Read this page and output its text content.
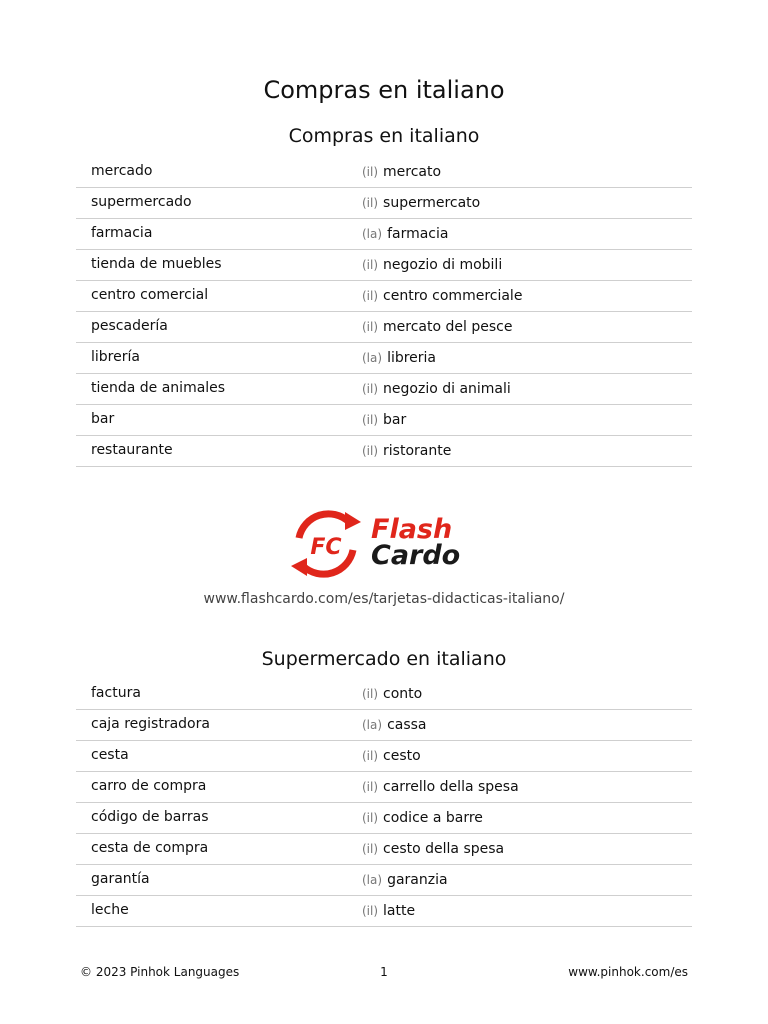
Compras en italiano
Compras en italiano
mercado	(il) mercato
supermercado	(il) supermercato
farmacia	(la) farmacia
tienda de muebles	(il) negozio di mobili
centro comercial	(il) centro commerciale
pescadería	(il) mercato del pesce
librería	(la) libreria
tienda de animales	(il) negozio di animali
bar	(il) bar
restaurante	(il) ristorante
FC
Flash
Cardo
www.flashcardo.com/es/tarjetas-didacticas-italiano/
Supermercado en italiano
factura	(il) conto
caja registradora	(la) cassa
cesta	(il) cesto
carro de compra	(il) carrello della spesa
código de barras	(il) codice a barre
cesta de compra	(il) cesto della spesa
garantía	(la) garanzia
leche	(il) latte
© 2023 Pinhok Languages	1	www.pinhok.com/es
